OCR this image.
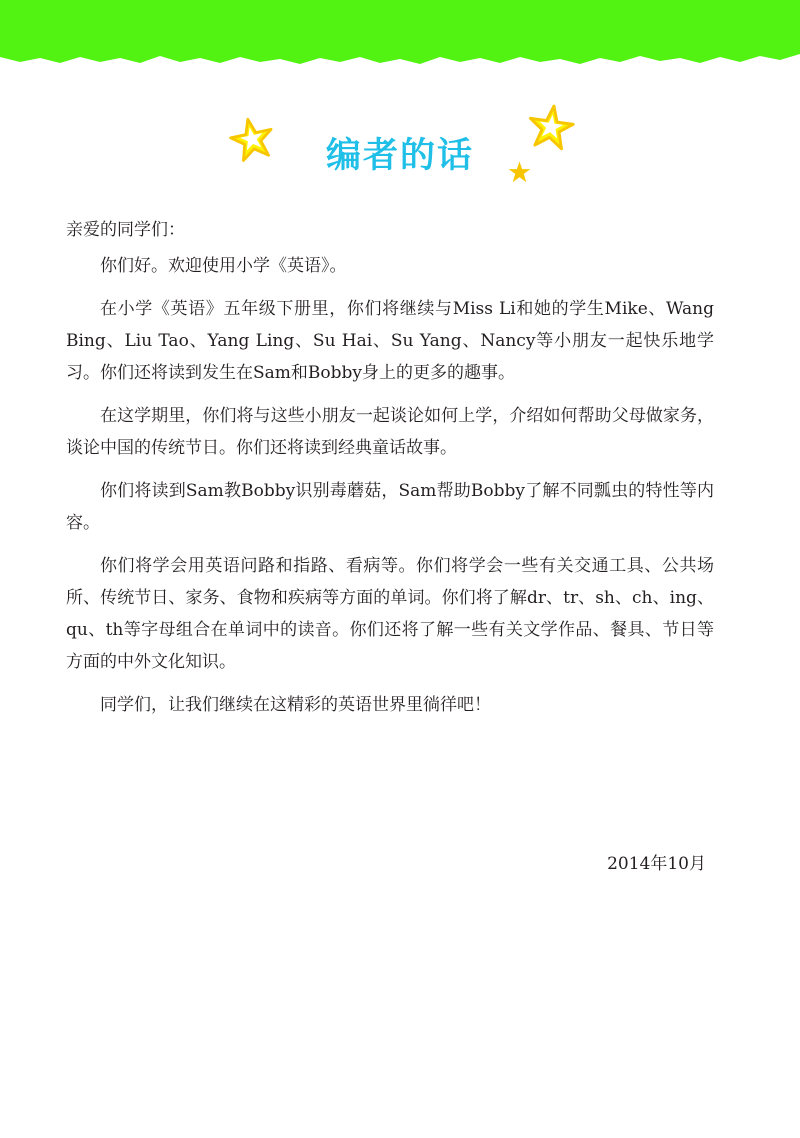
编者的话

亲爱的同学们：

你们好。欢迎使用小学《英语》。

在小学《英语》五年级下册里，你们将继续与Miss Li和她的学生Mike、Wang Bing、Liu Tao、Yang Ling、Su Hai、Su Yang、Nancy等小朋友一起快乐地学习。你们还将读到发生在Sam和Bobby身上的更多的趣事。

在这学期里，你们将与这些小朋友一起谈论如何上学，介绍如何帮助父母做家务，谈论中国的传统节日。你们还将读到经典童话故事。

你们将读到Sam教Bobby识别毒蘑菇，Sam帮助Bobby了解不同瓢虫的特性等内容。

你们将学会用英语问路和指路、看病等。你们将学会一些有关交通工具、公共场所、传统节日、家务、食物和疾病等方面的单词。你们将了解dr、tr、sh、ch、ing、qu、th等字母组合在单词中的读音。你们还将了解一些有关文学作品、餐具、节日等方面的中外文化知识。

同学们，让我们继续在这精彩的英语世界里徜徉吧！

2014年10月
